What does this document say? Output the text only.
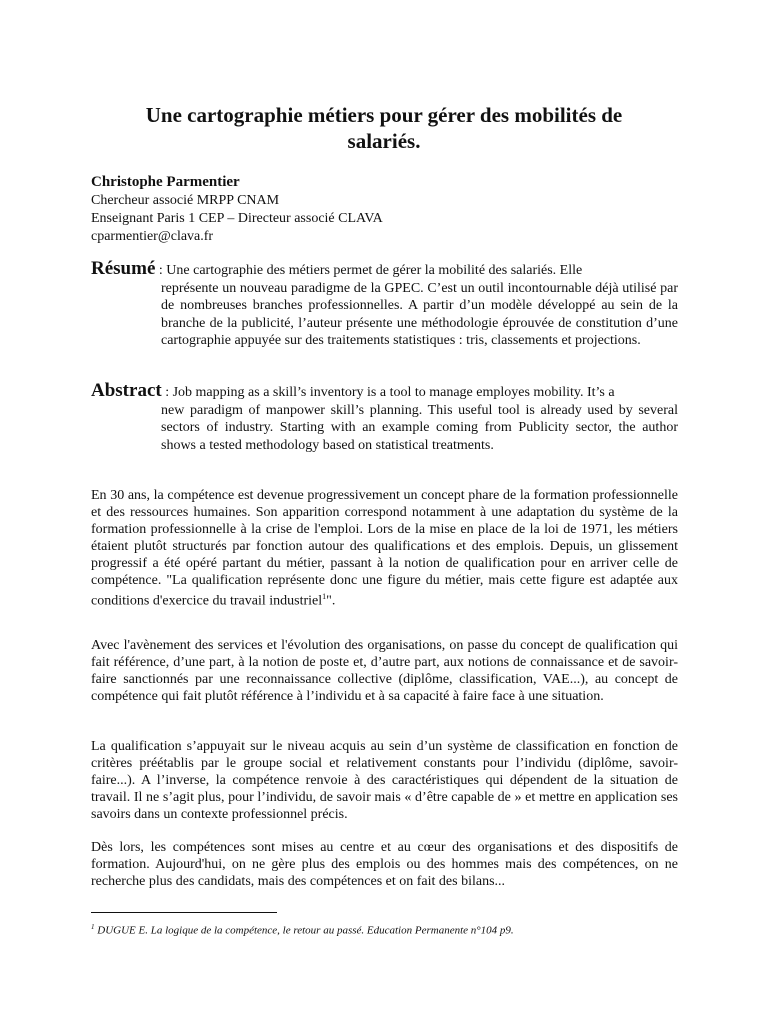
Une cartographie métiers pour gérer des mobilités de salariés.
Christophe Parmentier
Chercheur associé MRPP CNAM
Enseignant Paris 1 CEP – Directeur associé CLAVA
cparmentier@clava.fr
Résumé : Une cartographie des métiers permet de gérer la mobilité des salariés. Elle
représente un nouveau paradigme de la GPEC. C’est un outil incontournable déjà utilisé par de nombreuses branches professionnelles. A partir d’un modèle développé au sein de la branche de la publicité, l’auteur présente une méthodologie éprouvée de constitution d’une cartographie appuyée sur des traitements statistiques : tris, classements et projections.
Abstract : Job mapping as a skill’s inventory is a tool to manage employes mobility. It’s a
new paradigm of manpower skill’s planning. This useful tool is already used by several sectors of industry. Starting with an example coming from Publicity sector, the author shows a tested methodology based on statistical treatments.

En 30 ans, la compétence est devenue progressivement un concept phare de la formation professionnelle et des ressources humaines. Son apparition correspond notamment à une adaptation du système de la formation professionnelle à la crise de l'emploi. Lors de la mise en place de la loi de 1971, les métiers étaient plutôt structurés par fonction autour des qualifications et des emplois. Depuis, un glissement progressif a été opéré partant du métier, passant à la notion de qualification pour en arriver celle de compétence. "La qualification représente donc une figure du métier, mais cette figure est adaptée aux conditions d'exercice du travail industriel$^1$".

Avec l'avènement des services et l'évolution des organisations, on passe du concept de qualification qui fait référence, d’une part, à la notion de poste et, d’autre part, aux notions de connaissance et de savoir-faire sanctionnés par une reconnaissance collective (diplôme, classification, VAE...), au concept de compétence qui fait plutôt référence à l’individu et à sa capacité à faire face à une situation.

La qualification s’appuyait sur le niveau acquis au sein d’un système de classification en fonction de critères préétablis par le groupe social et relativement constants pour l’individu (diplôme, savoir-faire...). A l’inverse, la compétence renvoie à des caractéristiques qui dépendent de la situation de travail. Il ne s’agit plus, pour l’individu, de savoir mais « d’être capable de » et mettre en application ses savoirs dans un contexte professionnel précis.

Dès lors, les compétences sont mises au centre et au cœur des organisations et des dispositifs de formation. Aujourd'hui, on ne gère plus des emplois ou des hommes mais des compétences, on ne recherche plus des candidats, mais des compétences et on fait des bilans...

$^1$ DUGUE E. La logique de la compétence, le retour au passé. Education Permanente n°104 p9.
